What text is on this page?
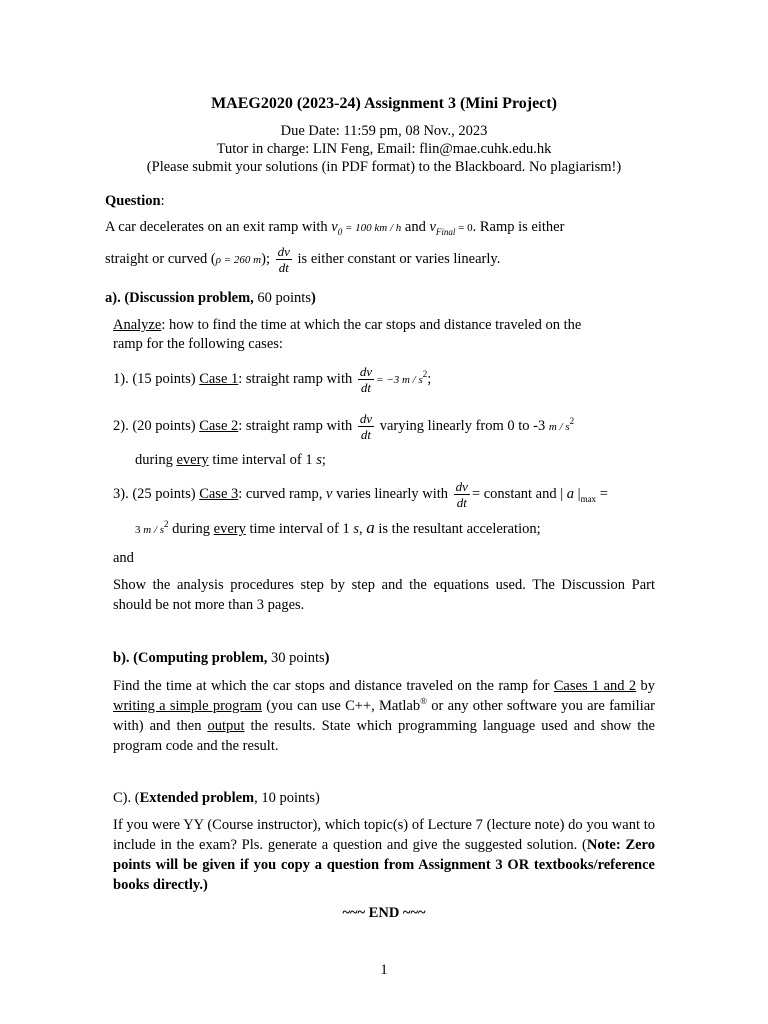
MAEG2020 (2023-24) Assignment 3 (Mini Project)
Due Date: 11:59 pm, 08 Nov., 2023
Tutor in charge: LIN Feng, Email: flin@mae.cuhk.edu.hk
(Please submit your solutions (in PDF format) to the Blackboard. No plagiarism!)
Question:
A car decelerates on an exit ramp with $v_0 = 100$ km / h and $v_{Final} = 0$. Ramp is either
straight or curved (ρ = 260 m); $\frac{dv}{dt}$ is either constant or varies linearly.
a). (Discussion problem, 60 points)
Analyze: how to find the time at which the car stops and distance traveled on the
ramp for the following cases:
1). (15 points) Case 1: straight ramp with $\frac{dv}{dt} = -3$ m / $s^2$;
2). (20 points) Case 2: straight ramp with $\frac{dv}{dt}$ varying linearly from 0 to -3 m / $s^2$
during every time interval of 1 s;
3). (25 points) Case 3: curved ramp, v varies linearly with $\frac{dv}{dt}$ = constant and | a $|_{max}$ =
3 m / $s^2$ during every time interval of 1 s, a is the resultant acceleration;
and
Show the analysis procedures step by step and the equations used. The Discussion Part should be not more than 3 pages.
b). (Computing problem, 30 points)
Find the time at which the car stops and distance traveled on the ramp for Cases 1 and 2 by writing a simple program (you can use C++, Matlab® or any other software you are familiar with) and then output the results. State which programming language used and show the program code and the result.
C). (Extended problem, 10 points)
If you were YY (Course instructor), which topic(s) of Lecture 7 (lecture note) do you want to include in the exam? Pls. generate a question and give the suggested solution. (Note: Zero points will be given if you copy a question from Assignment 3 OR textbooks/reference books directly.)
~~~ END ~~~
1
